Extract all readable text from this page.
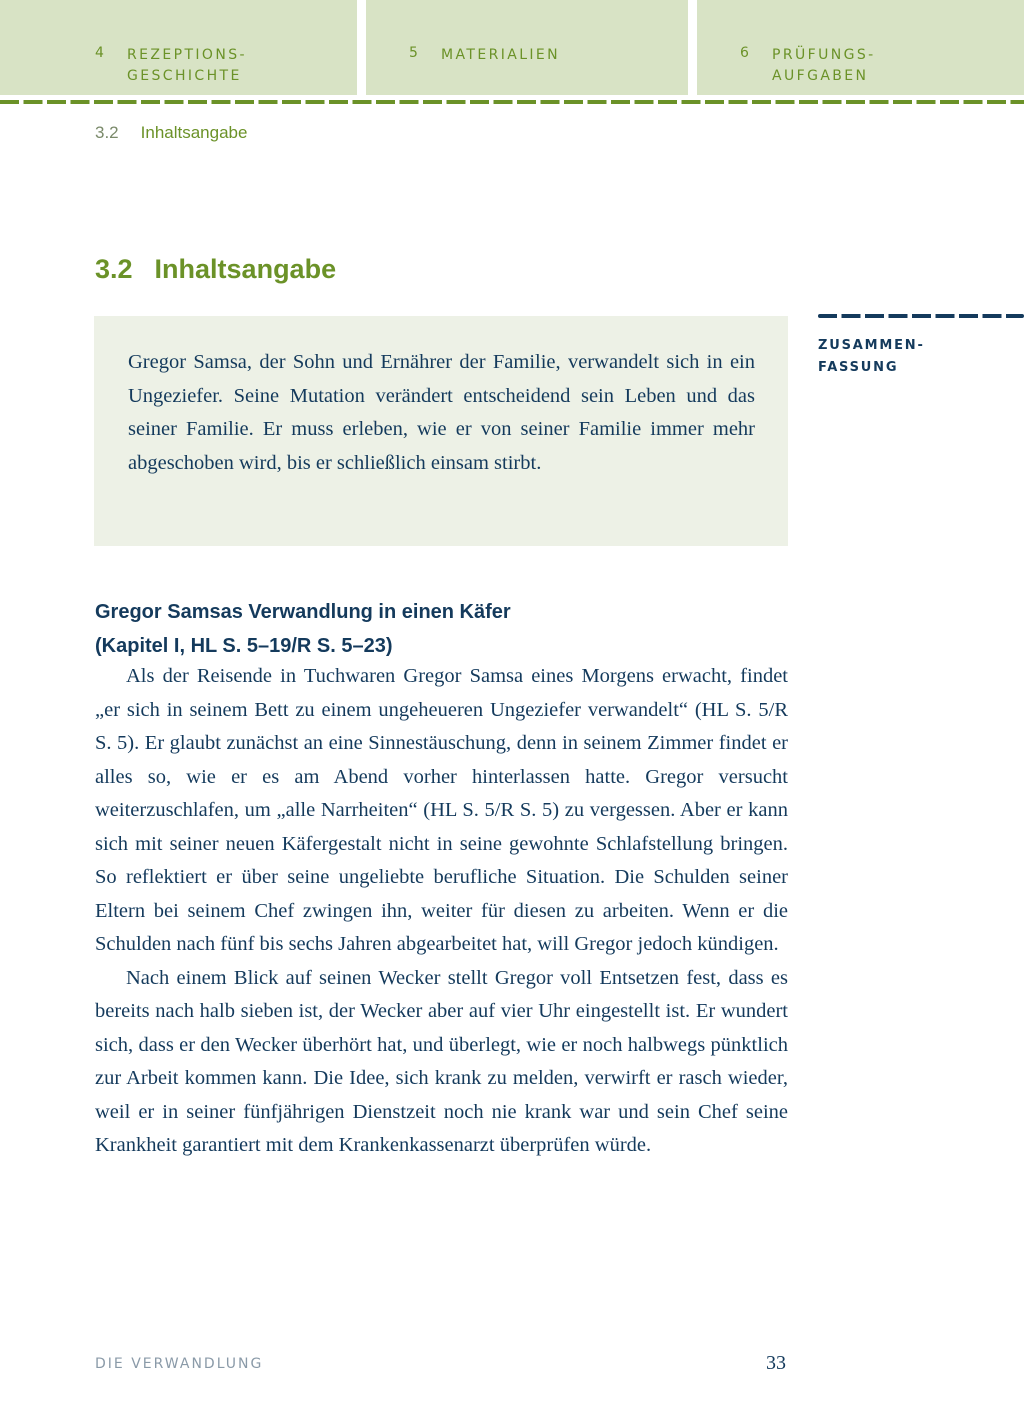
4 REZEPTIONS-
GESCHICHTE
5 MATERIALIEN	6 PRÜFUNGS-
AUFGABEN
3.2 Inhaltsangabe
3.2 Inhaltsangabe

Gregor Samsa, der Sohn und Ernährer der Familie, verwandelt sich in ein Ungeziefer. Seine Mutation verändert entscheidend sein Leben und das seiner Familie. Er muss erleben, wie er von seiner Familie immer mehr abgeschoben wird, bis er schließlich einsam stirbt.

ZUSAMMEN-
FASSUNG
Gregor Samsas Verwandlung in einen Käfer
(Kapitel I, HL S. 5–19/R S. 5–23)

Als der Reisende in Tuchwaren Gregor Samsa eines Morgens erwacht, findet „er sich in seinem Bett zu einem ungeheueren Ungeziefer verwandelt“ (HL S. 5/R S. 5). Er glaubt zunächst an eine Sinnestäuschung, denn in seinem Zimmer findet er alles so, wie er es am Abend vorher hinterlassen hatte. Gregor versucht weiterzuschlafen, um „alle Narrheiten“ (HL S. 5/R S. 5) zu vergessen. Aber er kann sich mit seiner neuen Käfergestalt nicht in seine gewohnte Schlafstellung bringen. So reflektiert er über seine ungeliebte berufliche Situation. Die Schulden seiner Eltern bei seinem Chef zwingen ihn, weiter für diesen zu arbeiten. Wenn er die Schulden nach fünf bis sechs Jahren abgearbeitet hat, will Gregor jedoch kündigen.

Nach einem Blick auf seinen Wecker stellt Gregor voll Entsetzen fest, dass es bereits nach halb sieben ist, der Wecker aber auf vier Uhr eingestellt ist. Er wundert sich, dass er den Wecker überhört hat, und überlegt, wie er noch halbwegs pünktlich zur Arbeit kommen kann. Die Idee, sich krank zu melden, verwirft er rasch wieder, weil er in seiner fünfjährigen Dienstzeit noch nie krank war und sein Chef seine Krankheit garantiert mit dem Krankenkassenarzt überprüfen würde.

DIE VERWANDLUNG	33
